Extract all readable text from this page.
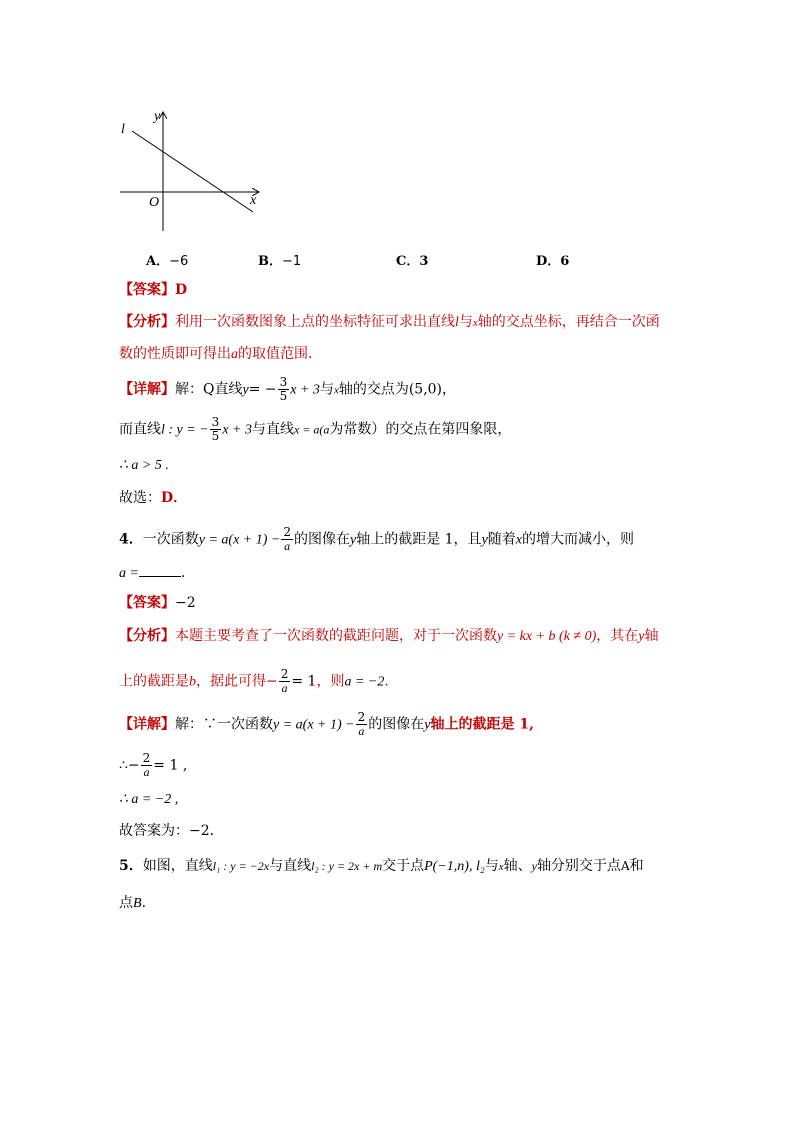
l
y
x
O
A．−6	B．−1	C．3	D．6
【答案】D
【分析】利用一次函数图象上点的坐标特征可求出直线l与x轴的交点坐标，再结合一次函
数的性质即可得出a的取值范围.
【详解】解：Q直线$y= - \frac{3}{5}$ x + 3与x轴的交点为(5,0)，
而直线l : y = − $\frac{3}{5}$ x + 3与直线x = a(a为常数）的交点在第四象限，
∴ a > 5 .
故选：D．
4．一次函数$y = a(x + 1) - \frac{2}{a}$ 的图像在y轴上的截距是 1，且y随着x的增大而减小，则
a =	.
【答案】−2
【分析】本题主要考查了一次函数的截距问题，对于一次函数y = kx + b (k ≠ 0)，其在y轴
上的截距是b，据此可得− $\frac{2}{a} = 1$，则a = −2.
【详解】解：∵一次函数$y = a(x + 1) - \frac{2}{a}$ 的图像在y轴上的截距是 1,
∴− $\frac{2}{a} = 1$ ,
∴ a = −2 ,
故答案为：−2．
5．如图，直线l₁ : y = −2x与直线l₂ : y = 2x + m交于点P(−1,n), l₂与x轴、y轴分别交于点A和
点B.
